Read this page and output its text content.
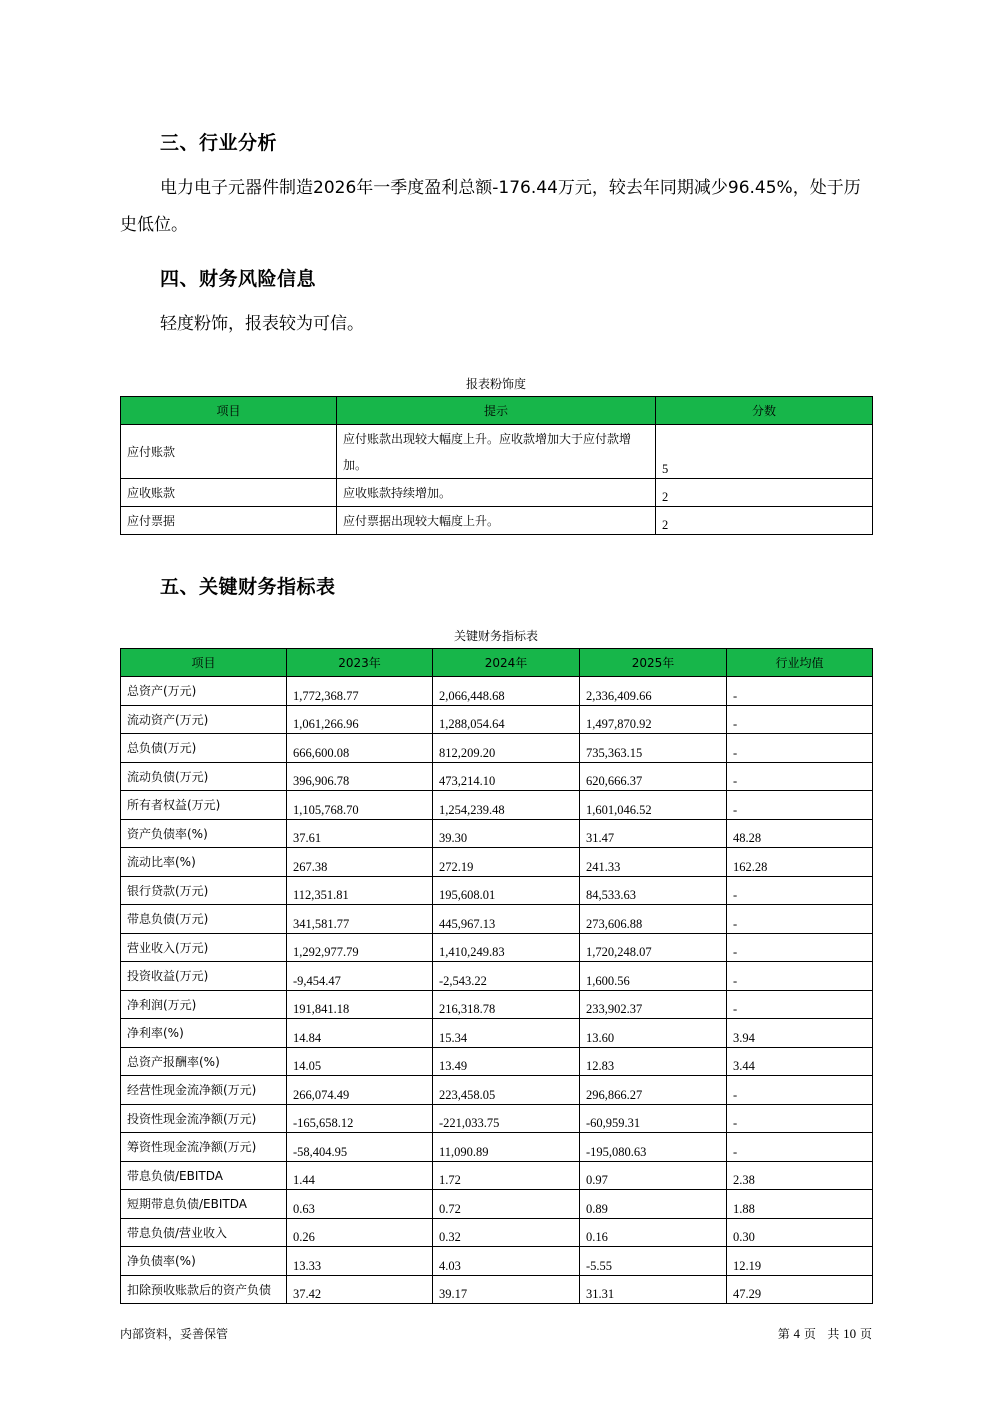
三、行业分析
电力电子元器件制造2026年一季度盈利总额-176.44万元，较去年同期减少96.45%，处于历史低位。
四、财务风险信息
轻度粉饰，报表较为可信。
报表粉饰度
项目	提示	分数
应付账款	应付账款出现较大幅度上升。应收款增加大于应付款增加。	5
应收账款	应收账款持续增加。	2
应付票据	应付票据出现较大幅度上升。	2
五、关键财务指标表
关键财务指标表
项目	2023年	2024年	2025年	行业均值
总资产(万元)	1,772,368.77	2,066,448.68	2,336,409.66	-
流动资产(万元)	1,061,266.96	1,288,054.64	1,497,870.92	-
总负债(万元)	666,600.08	812,209.20	735,363.15	-
流动负债(万元)	396,906.78	473,214.10	620,666.37	-
所有者权益(万元)	1,105,768.70	1,254,239.48	1,601,046.52	-
资产负债率(%)	37.61	39.30	31.47	48.28
流动比率(%)	267.38	272.19	241.33	162.28
银行贷款(万元)	112,351.81	195,608.01	84,533.63	-
带息负债(万元)	341,581.77	445,967.13	273,606.88	-
营业收入(万元)	1,292,977.79	1,410,249.83	1,720,248.07	-
投资收益(万元)	-9,454.47	-2,543.22	1,600.56	-
净利润(万元)	191,841.18	216,318.78	233,902.37	-
净利率(%)	14.84	15.34	13.60	3.94
总资产报酬率(%)	14.05	13.49	12.83	3.44
经营性现金流净额(万元)	266,074.49	223,458.05	296,866.27	-
投资性现金流净额(万元)	-165,658.12	-221,033.75	-60,959.31	-
筹资性现金流净额(万元)	-58,404.95	11,090.89	-195,080.63	-
带息负债/EBITDA	1.44	1.72	0.97	2.38
短期带息负债/EBITDA	0.63	0.72	0.89	1.88
带息负债/营业收入	0.26	0.32	0.16	0.30
净负债率(%)	13.33	4.03	-5.55	12.19
扣除预收账款后的资产负债	37.42	39.17	31.31	47.29
内部资料，妥善保管	第 4 页   共 10 页
